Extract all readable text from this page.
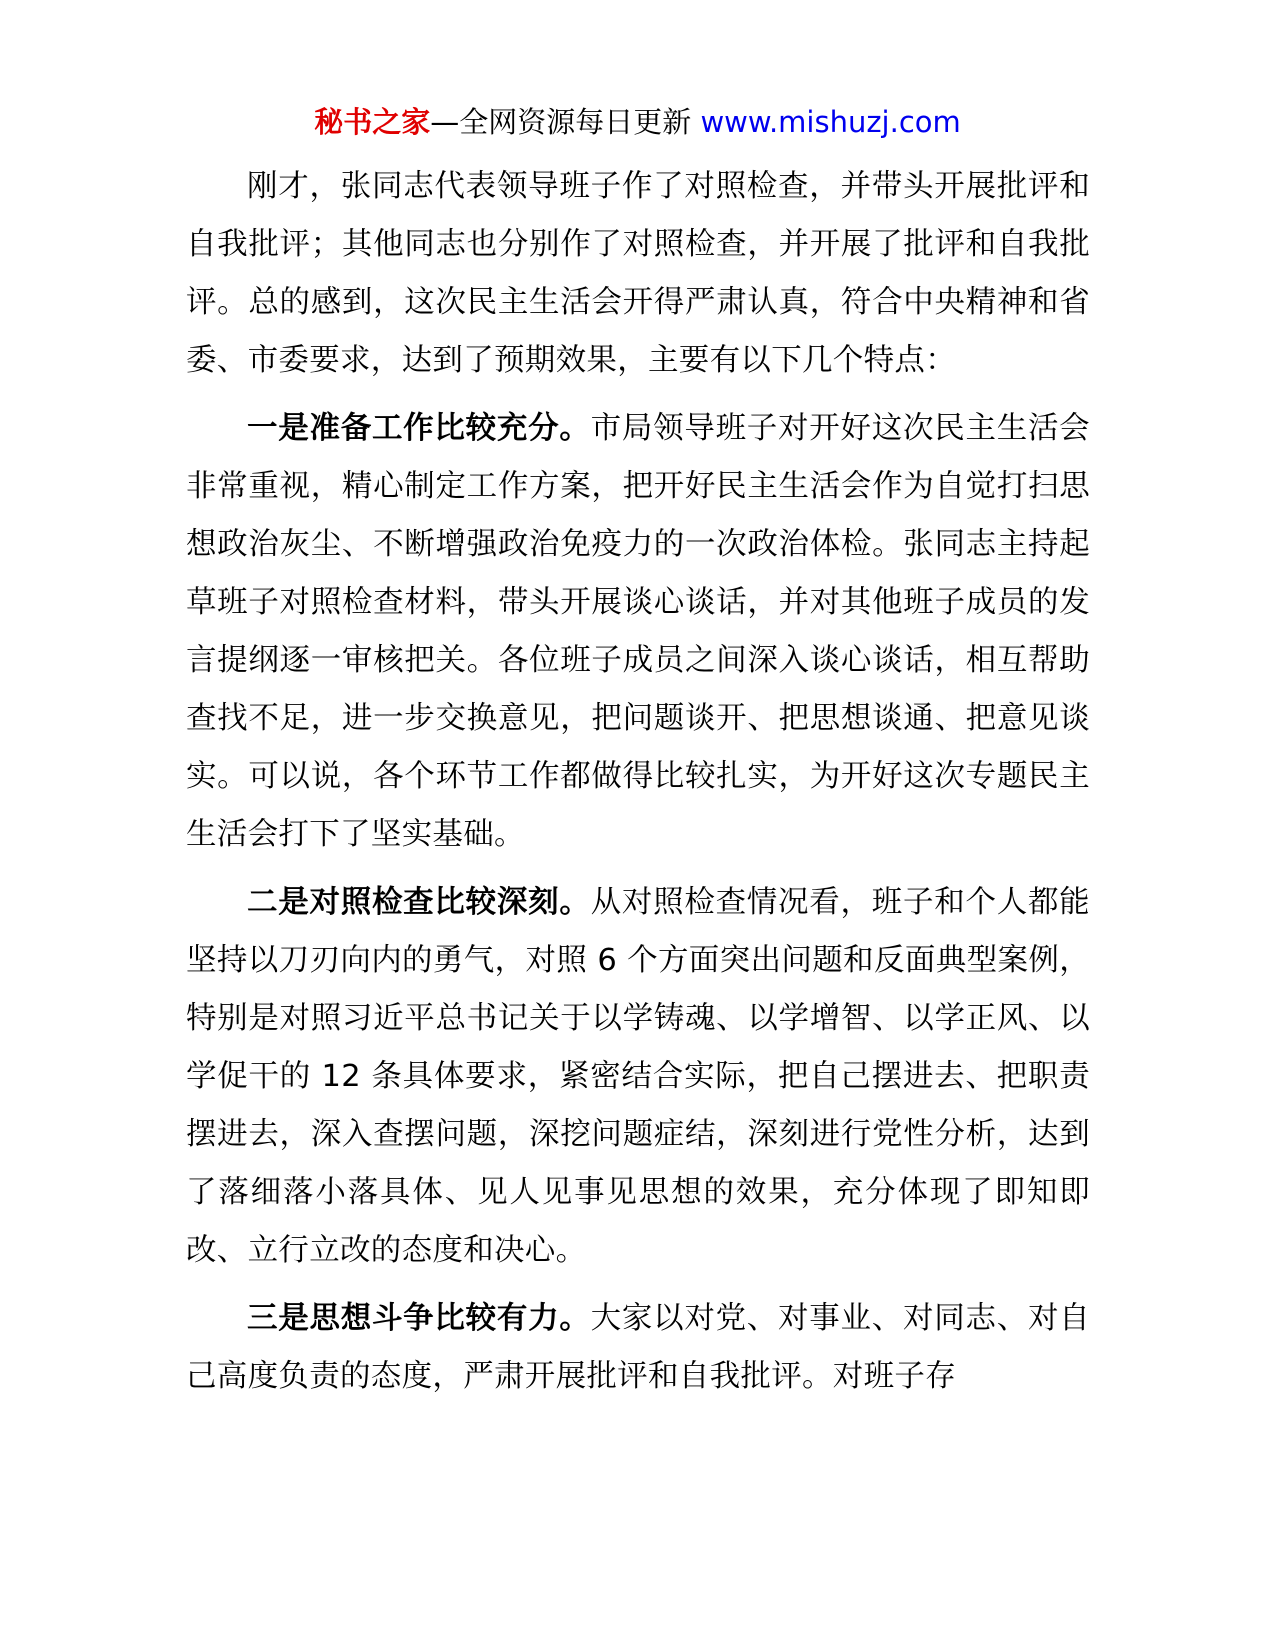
秘书之家—全网资源每日更新 www.mishuzj.com

刚才，张同志代表领导班子作了对照检查，并带头开展批评和自我批评；其他同志也分别作了对照检查，并开展了批评和自我批评。总的感到，这次民主生活会开得严肃认真，符合中央精神和省委、市委要求，达到了预期效果，主要有以下几个特点：

一是准备工作比较充分。市局领导班子对开好这次民主生活会非常重视，精心制定工作方案，把开好民主生活会作为自觉打扫思想政治灰尘、不断增强政治免疫力的一次政治体检。张同志主持起草班子对照检查材料，带头开展谈心谈话，并对其他班子成员的发言提纲逐一审核把关。各位班子成员之间深入谈心谈话，相互帮助查找不足，进一步交换意见，把问题谈开、把思想谈通、把意见谈实。可以说，各个环节工作都做得比较扎实，为开好这次专题民主生活会打下了坚实基础。

二是对照检查比较深刻。从对照检查情况看，班子和个人都能坚持以刀刃向内的勇气，对照 6 个方面突出问题和反面典型案例，特别是对照习近平总书记关于以学铸魂、以学增智、以学正风、以学促干的 12 条具体要求，紧密结合实际，把自己摆进去、把职责摆进去，深入查摆问题，深挖问题症结，深刻进行党性分析，达到了落细落小落具体、见人见事见思想的效果，充分体现了即知即改、立行立改的态度和决心。

三是思想斗争比较有力。大家以对党、对事业、对同志、对自己高度负责的态度，严肃开展批评和自我批评。对班子存
